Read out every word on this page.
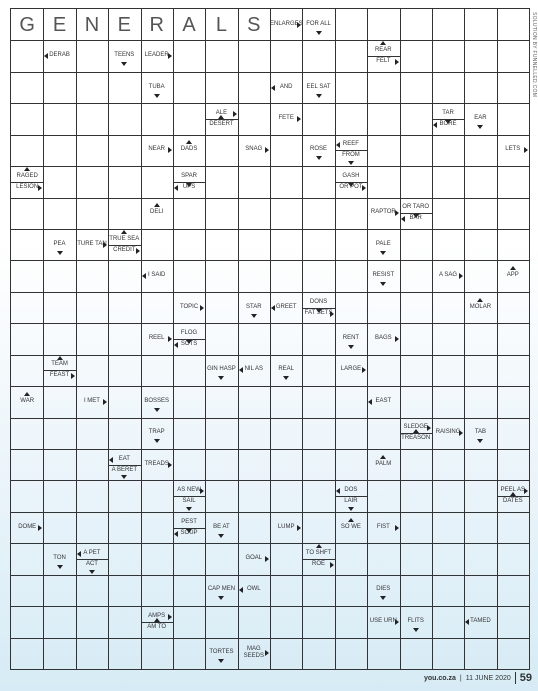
G E N E R A	L	S	ENLARGES FOR ALL
DERAB	TEENS	LEADER
REAR
FELT
TUBA	AND	EEL SAT
ALE
DESERT
FETE
TAR
BORE
EAR
NEAR	DADS	SNAG	ROSE
REEF
FROM
LETS
RAGED
LESION
SPAR
UPS
GASH
OR POT
DELI	RAPTOR
OR TARO
BAR
PEA	TURE TAN
TRUE SEA
CREDIT
PALE
I SAID	RESIST	A SAG	APP
TOPIC	STAR	GREET
DONS
FAT SETS
MOLAR
REEL
FLOG
SOTS
RENT	BAGS
TEAM
FEAST
GIN HASP	NIL AS	REAL	LARGE
WAR	I MET	BOSSES	EAST
TRAP
SLEDGE
TREASON
RAISING	TAB
EAT
A BERET
TREADS	PALM
AS NEW
SAIL
DOS
LAIR
PEEL AS
DATES
DOME
PEST
SOUP
BE AT	LUMP	SO WE	FIST
TON
A PET
ACT
GOAL
TO SHFT
ROE
CAP MEN	OWL	DIES
AMPS
AM TO
USE URN	FLITS	TAMED
TORTES	MAG
SEEDS
SOLUTION BY FUNNELLED.COM
you.co.za | 11 JUNE 2020 59
